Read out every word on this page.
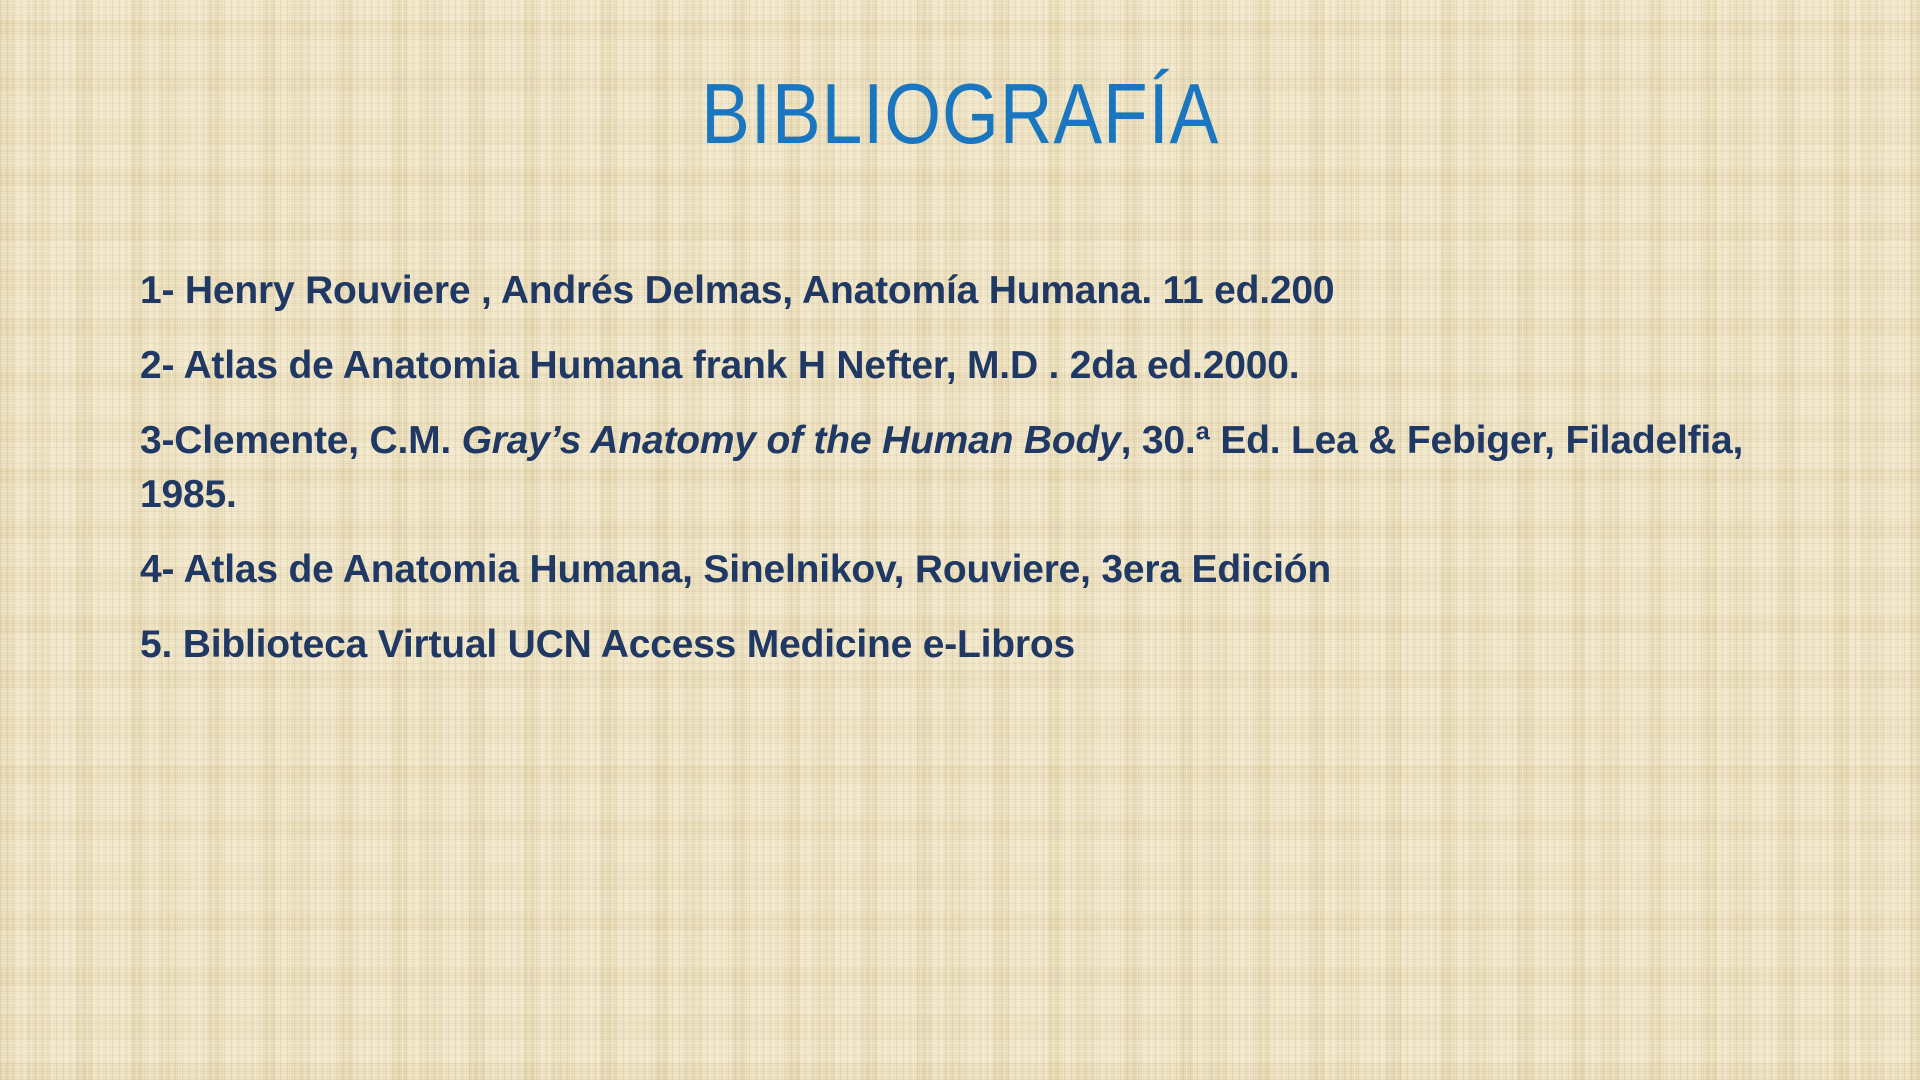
BIBLIOGRAFÍA

1- Henry Rouviere , Andrés Delmas, Anatomía Humana. 11 ed.200

2- Atlas de Anatomia Humana frank H Nefter, M.D . 2da ed.2000.

3-Clemente, C.M. Gray’s Anatomy of the Human Body, 30.ª Ed. Lea & Febiger, Filadelfia, 1985.

4- Atlas de Anatomia Humana, Sinelnikov, Rouviere, 3era Edición

5. Biblioteca Virtual UCN Access Medicine e-Libros
